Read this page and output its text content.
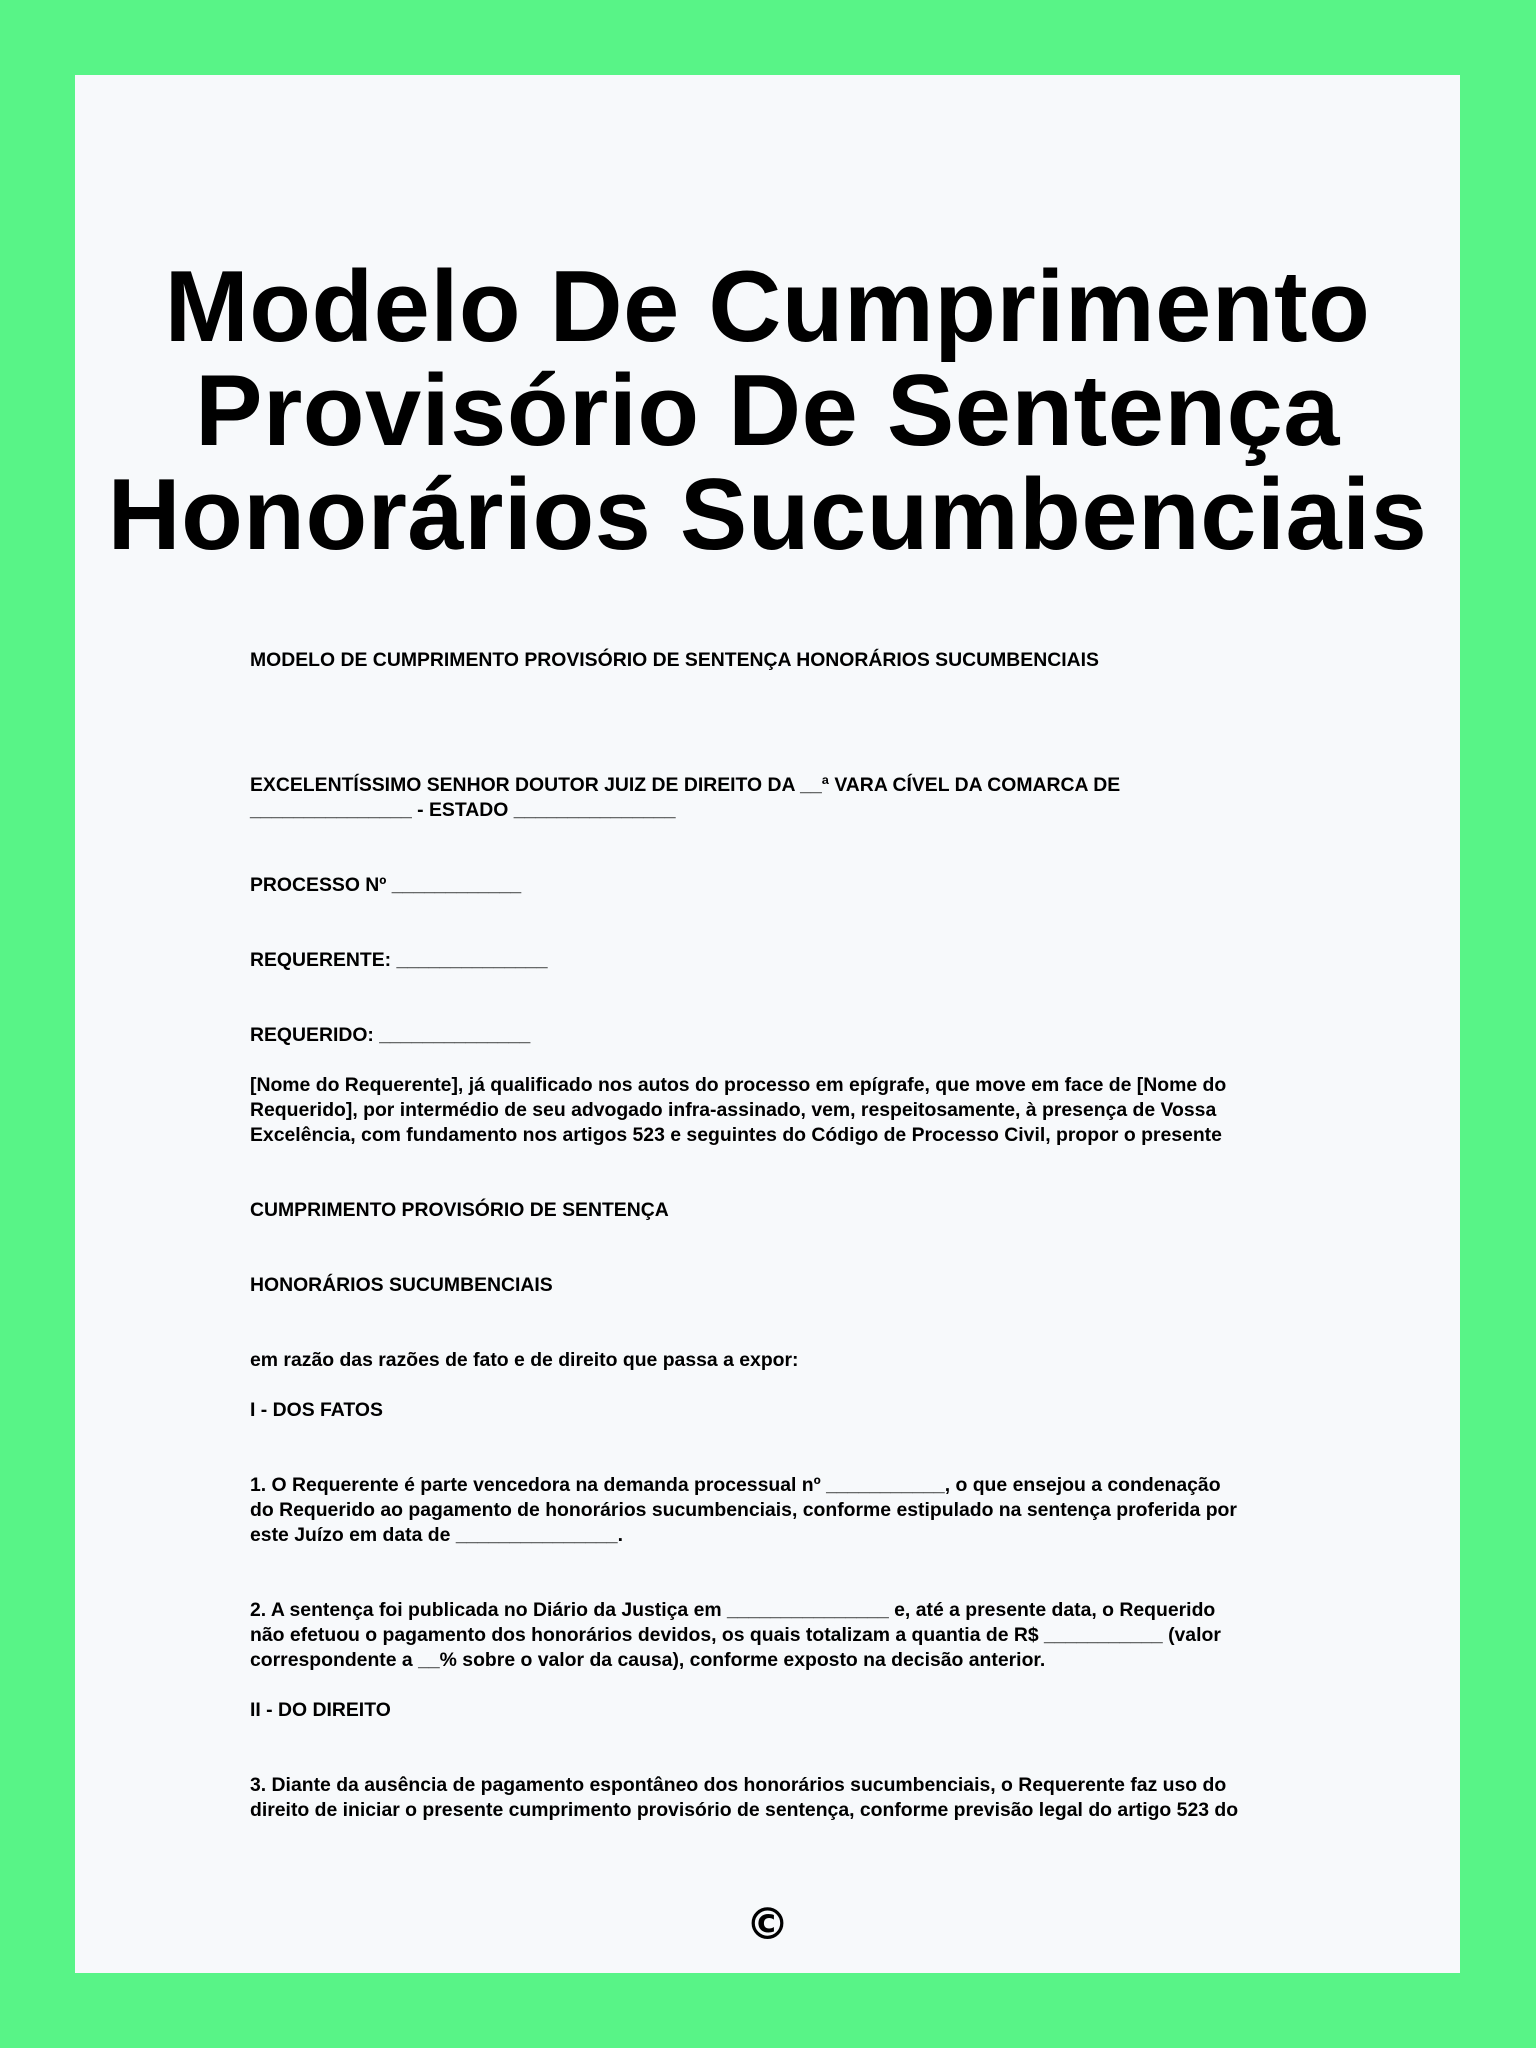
Modelo De Cumprimento
Provisório De Sentença
Honorários Sucumbenciais

MODELO DE CUMPRIMENTO PROVISÓRIO DE SENTENÇA HONORÁRIOS SUCUMBENCIAIS

EXCELENTÍSSIMO SENHOR DOUTOR JUIZ DE DIREITO DA __ª VARA CÍVEL DA COMARCA DE
_______________ - ESTADO _______________

PROCESSO Nº ____________

REQUERENTE: ______________

REQUERIDO: ______________

[Nome do Requerente], já qualificado nos autos do processo em epígrafe, que move em face de [Nome do
Requerido], por intermédio de seu advogado infra-assinado, vem, respeitosamente, à presença de Vossa
Excelência, com fundamento nos artigos 523 e seguintes do Código de Processo Civil, propor o presente

CUMPRIMENTO PROVISÓRIO DE SENTENÇA

HONORÁRIOS SUCUMBENCIAIS

em razão das razões de fato e de direito que passa a expor:

I - DOS FATOS

1. O Requerente é parte vencedora na demanda processual nº ___________, o que ensejou a condenação
do Requerido ao pagamento de honorários sucumbenciais, conforme estipulado na sentença proferida por
este Juízo em data de _______________.

2. A sentença foi publicada no Diário da Justiça em _______________ e, até a presente data, o Requerido
não efetuou o pagamento dos honorários devidos, os quais totalizam a quantia de R$ ___________ (valor
correspondente a __% sobre o valor da causa), conforme exposto na decisão anterior.

II - DO DIREITO

3. Diante da ausência de pagamento espontâneo dos honorários sucumbenciais, o Requerente faz uso do
direito de iniciar o presente cumprimento provisório de sentença, conforme previsão legal do artigo 523 do

©
